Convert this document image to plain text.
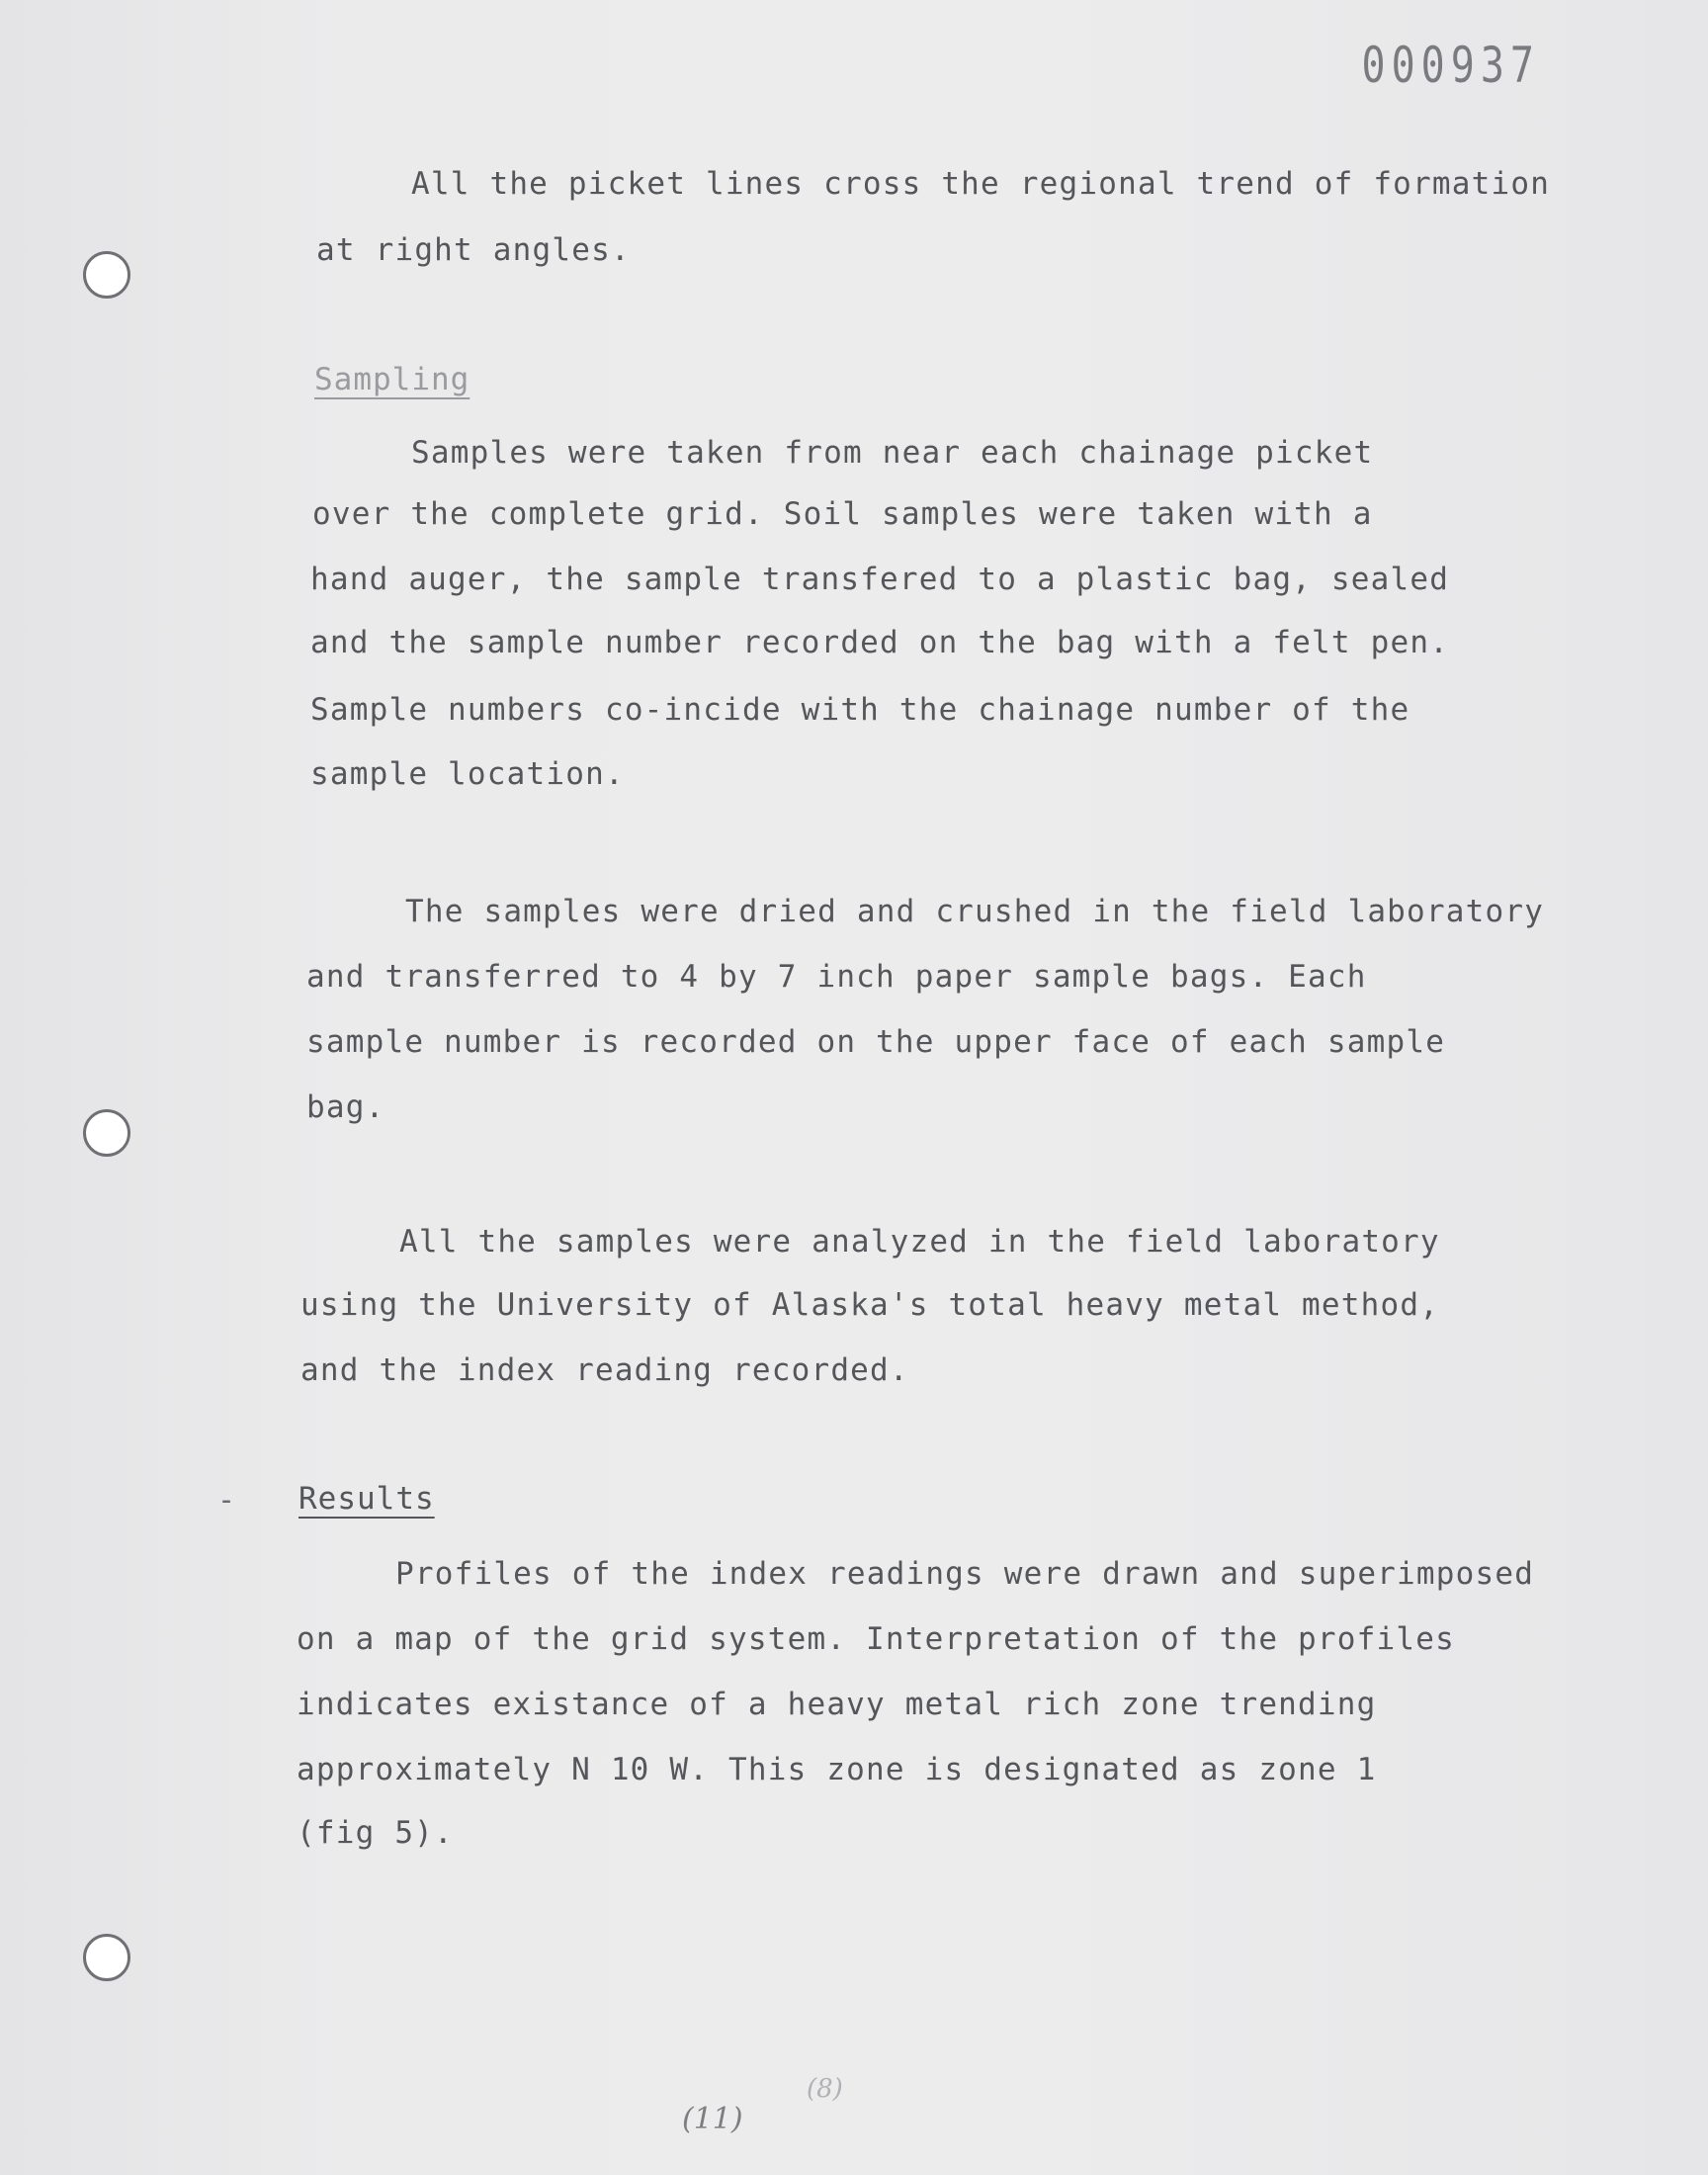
000937
All the picket lines cross the regional trend of formation
at right angles.
Sampling
Samples were taken from near each chainage picket
over the complete grid. Soil samples were taken with a
hand auger, the sample transfered to a plastic bag, sealed
and the sample number recorded on the bag with a felt pen.
Sample numbers co-incide with the chainage number of the
sample location.
The samples were dried and crushed in the field laboratory
and transferred to 4 by 7 inch paper sample bags. Each
sample number is recorded on the upper face of each sample
bag.
All the samples were analyzed in the field laboratory
using the University of Alaska's total heavy metal method,
and the index reading recorded.
- Results
Profiles of the index readings were drawn and superimposed
on a map of the grid system. Interpretation of the profiles
indicates existance of a heavy metal rich zone trending
approximately N 10 W. This zone is designated as zone 1
(fig 5).
(11)
(8)
